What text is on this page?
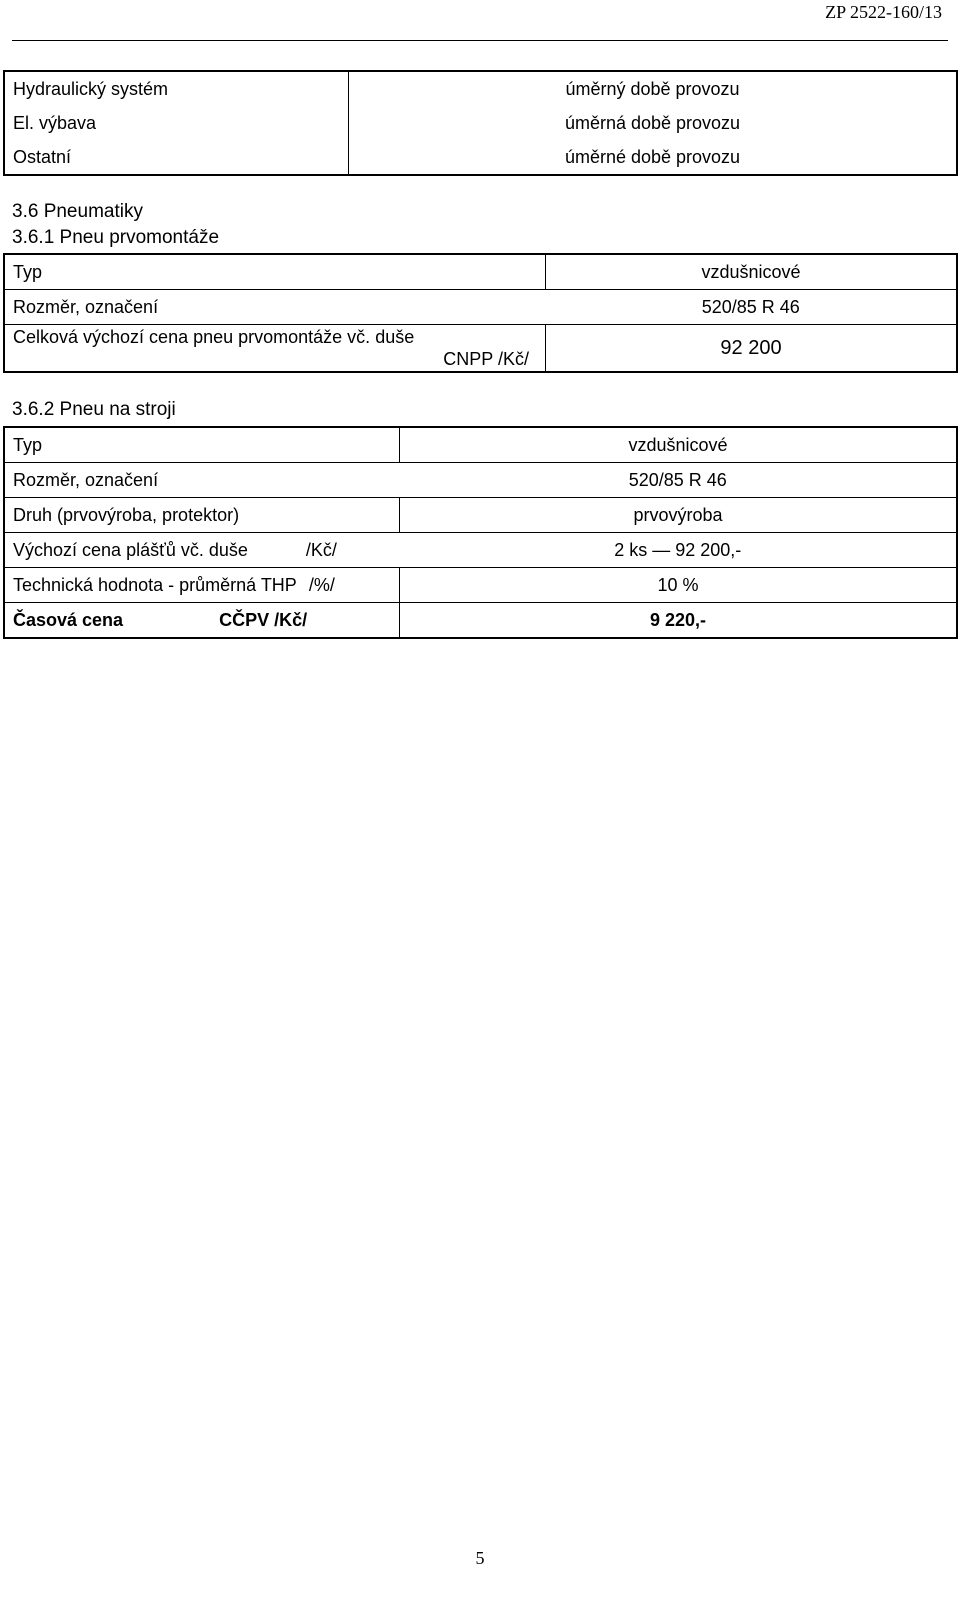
ZP 2522-160/13
Hydraulický systém	úměrný době provozu
El. výbava	úměrná době provozu
Ostatní	úměrné době provozu
3.6 Pneumatiky
3.6.1 Pneu prvomontáže
Typ	vzdušnicové
Rozměr, označení	520/85 R 46

Celková výchozí cena pneu prvomontáže vč. duše
CNPP /Kč/	92 200
3.6.2 Pneu na stroji
Typ	vzdušnicové
Rozměr, označení	520/85 R 46
Druh (prvovýroba, protektor)	prvovýroba
Výchozí cena plášťů vč. duše /Kč/	2 ks — 92 200,-
Technická hodnota - průměrná THP /%/	10 %
Časová cena CČPV /Kč/	9 220,-
5
